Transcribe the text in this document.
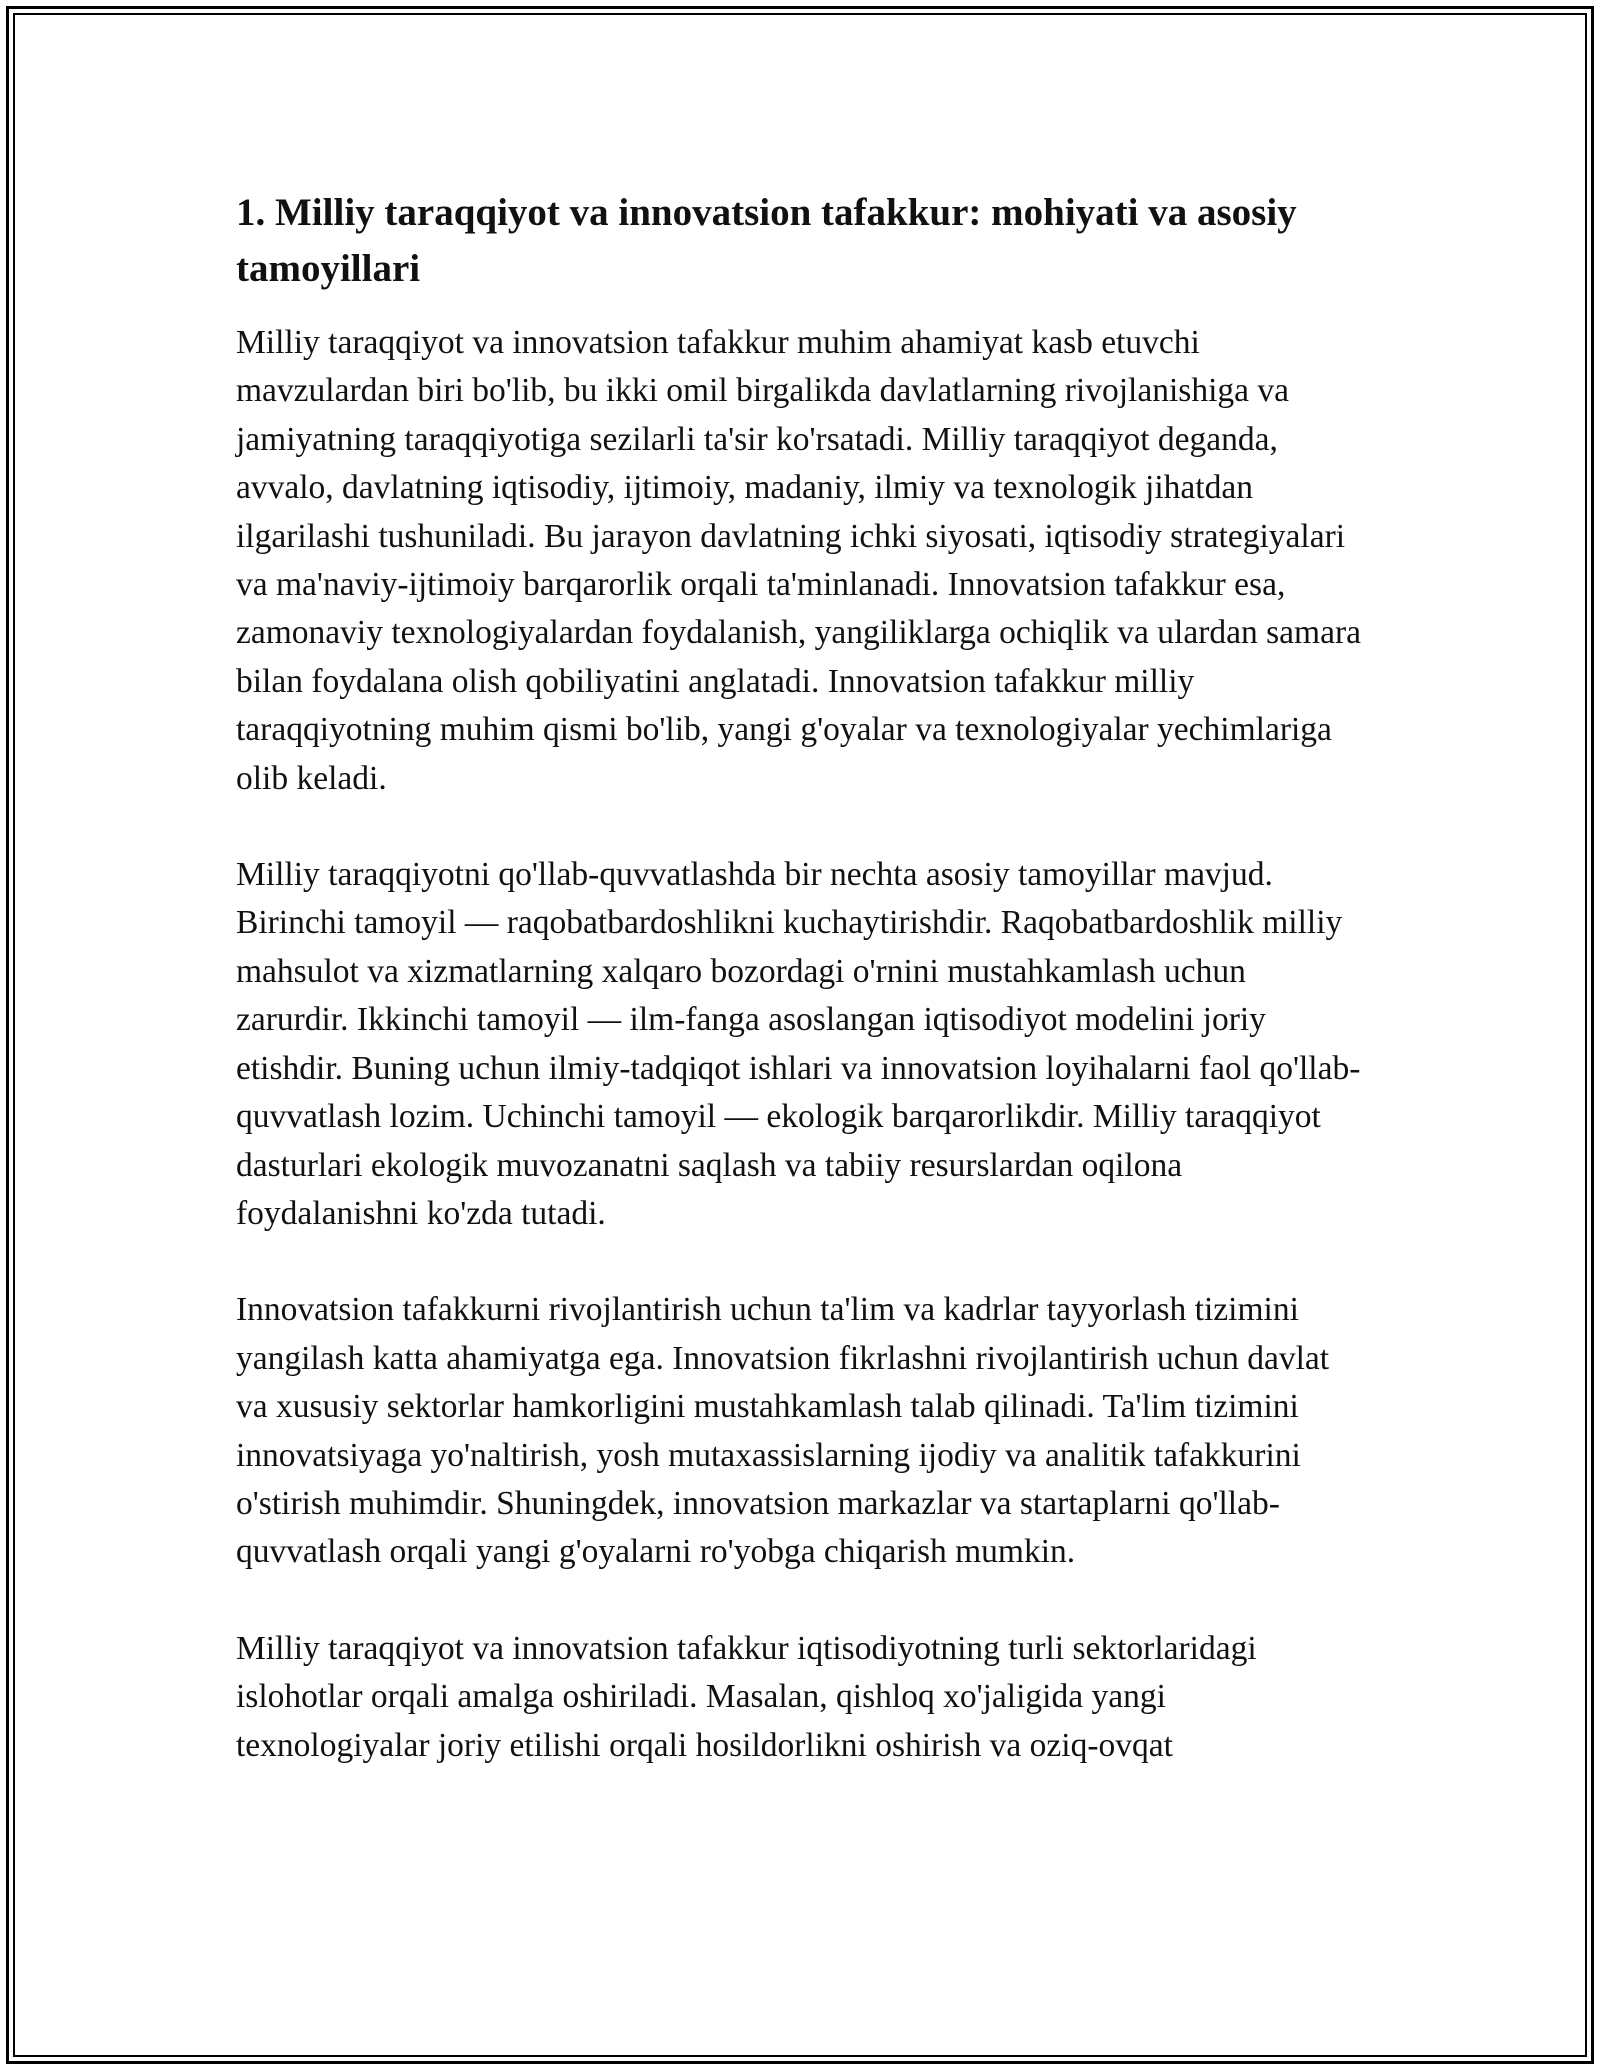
1. Milliy taraqqiyot va innovatsion tafakkur: mohiyati va asosiy tamoyillari

Milliy taraqqiyot va innovatsion tafakkur muhim ahamiyat kasb etuvchi mavzulardan biri bo'lib, bu ikki omil birgalikda davlatlarning rivojlanishiga va jamiyatning taraqqiyotiga sezilarli ta'sir ko'rsatadi. Milliy taraqqiyot deganda, avvalo, davlatning iqtisodiy, ijtimoiy, madaniy, ilmiy va texnologik jihatdan ilgarilashi tushuniladi. Bu jarayon davlatning ichki siyosati, iqtisodiy strategiyalari va ma'naviy-ijtimoiy barqarorlik orqali ta'minlanadi. Innovatsion tafakkur esa, zamonaviy texnologiyalardan foydalanish, yangiliklarga ochiqlik va ulardan samara bilan foydalana olish qobiliyatini anglatadi. Innovatsion tafakkur milliy taraqqiyotning muhim qismi bo'lib, yangi g'oyalar va texnologiyalar yechimlariga olib keladi.

Milliy taraqqiyotni qo'llab-quvvatlashda bir nechta asosiy tamoyillar mavjud. Birinchi tamoyil — raqobatbardoshlikni kuchaytirishdir. Raqobatbardoshlik milliy mahsulot va xizmatlarning xalqaro bozordagi o'rnini mustahkamlash uchun zarurdir. Ikkinchi tamoyil — ilm-fanga asoslangan iqtisodiyot modelini joriy etishdir. Buning uchun ilmiy-tadqiqot ishlari va innovatsion loyihalarni faol qo'llab-quvvatlash lozim. Uchinchi tamoyil — ekologik barqarorlikdir. Milliy taraqqiyot dasturlari ekologik muvozanatni saqlash va tabiiy resurslardan oqilona foydalanishni ko'zda tutadi.

Innovatsion tafakkurni rivojlantirish uchun ta'lim va kadrlar tayyorlash tizimini yangilash katta ahamiyatga ega. Innovatsion fikrlashni rivojlantirish uchun davlat va xususiy sektorlar hamkorligini mustahkamlash talab qilinadi. Ta'lim tizimini innovatsiyaga yo'naltirish, yosh mutaxassislarning ijodiy va analitik tafakkurini o'stirish muhimdir. Shuningdek, innovatsion markazlar va startaplarni qo'llab-quvvatlash orqali yangi g'oyalarni ro'yobga chiqarish mumkin.

Milliy taraqqiyot va innovatsion tafakkur iqtisodiyotning turli sektorlaridagi islohotlar orqali amalga oshiriladi. Masalan, qishloq xo'jaligida yangi texnologiyalar joriy etilishi orqali hosildorlikni oshirish va oziq-ovqat
